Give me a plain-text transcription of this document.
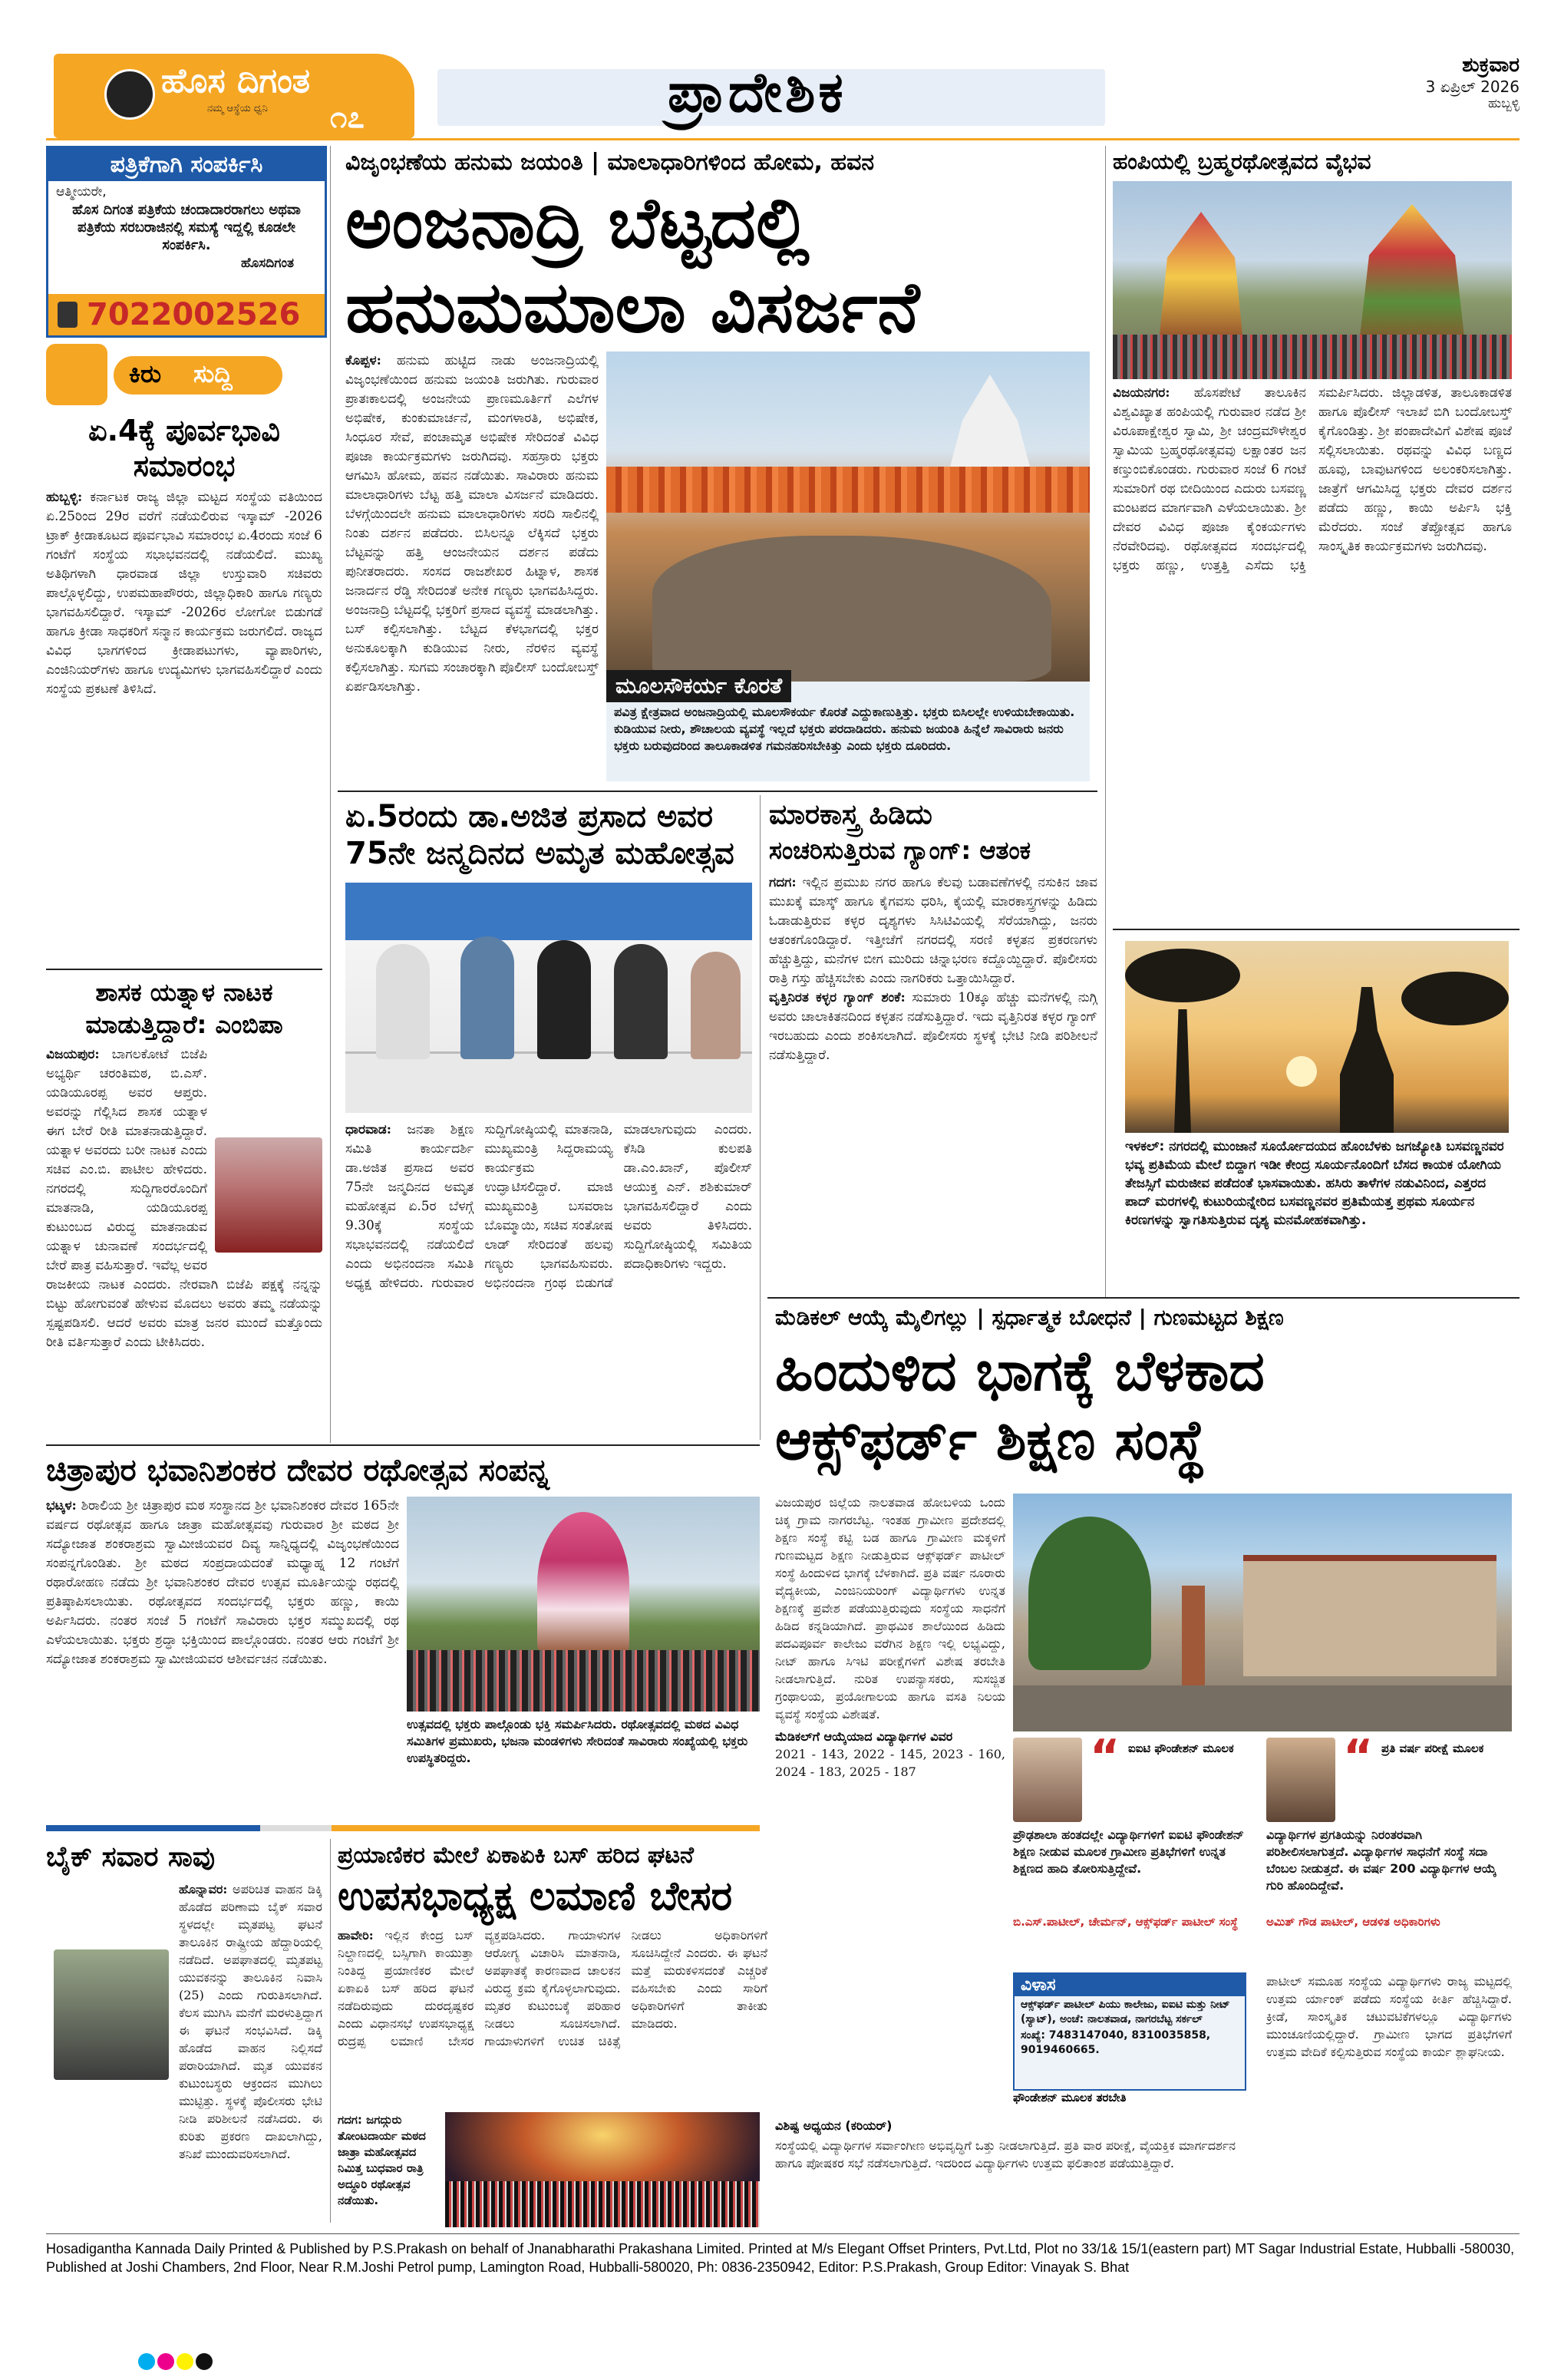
ಹೊಸ ದಿಗಂತ
ನಮ್ಮ ಆಸ್ಥೆಯ ಧ್ವನಿ ೧೭	ಪ್ರಾದೇಶಿಕ	ಶುಕ್ರವಾರ
3 ಏಪ್ರಿಲ್ 2026
ಹುಬ್ಬಳ್ಳಿ
ಪತ್ರಿಕೆಗಾಗಿ ಸಂಪರ್ಕಿಸಿ
ಆತ್ಮೀಯರೇ,
ಹೊಸ ದಿಗಂತ ಪತ್ರಿಕೆಯ ಚಂದಾದಾರರಾಗಲು ಅಥವಾ ಪತ್ರಿಕೆಯ ಸರಬರಾಜಿನಲ್ಲಿ ಸಮಸ್ಯೆ ಇದ್ದಲ್ಲಿ ಕೂಡಲೇ ಸಂಪರ್ಕಿಸಿ.
ಹೊಸದಿಗಂತ
7022002526
ಕಿರು ಸುದ್ದಿ
ಏ.4ಕ್ಕೆ ಪೂರ್ವಭಾವಿ ಸಮಾರಂಭ
ಹುಬ್ಬಳ್ಳಿ: ಕರ್ನಾಟಕ ರಾಜ್ಯ ಜಿಲ್ಲಾ ಮಟ್ಟದ ಸಂಸ್ಥೆಯ ವತಿಯಿಂದ ಏ.25ರಿಂದ 29ರ ವರೆಗೆ ನಡೆಯಲಿರುವ ಇಸ್ಕಾಮ್ -2026 ಟ್ರಾಕ್ ಕ್ರೀಡಾಕೂಟದ ಪೂರ್ವಭಾವಿ ಸಮಾರಂಭ ಏ.4ರಂದು ಸಂಜೆ 6 ಗಂಟೆಗೆ ಸಂಸ್ಥೆಯ ಸಭಾಭವನದಲ್ಲಿ ನಡೆಯಲಿದೆ. ಮುಖ್ಯ ಅತಿಥಿಗಳಾಗಿ ಧಾರವಾಡ ಜಿಲ್ಲಾ ಉಸ್ತುವಾರಿ ಸಚಿವರು ಪಾಲ್ಗೊಳ್ಳಲಿದ್ದು, ಉಪಮಹಾಪೌರರು, ಜಿಲ್ಲಾಧಿಕಾರಿ ಹಾಗೂ ಗಣ್ಯರು ಭಾಗವಹಿಸಲಿದ್ದಾರೆ. ಇಸ್ಕಾಮ್ -2026ರ ಲೋಗೋ ಬಿಡುಗಡೆ ಹಾಗೂ ಕ್ರೀಡಾ ಸಾಧಕರಿಗೆ ಸನ್ಮಾನ ಕಾರ್ಯಕ್ರಮ ಜರುಗಲಿದೆ. ರಾಜ್ಯದ ವಿವಿಧ ಭಾಗಗಳಿಂದ ಕ್ರೀಡಾಪಟುಗಳು, ವ್ಯಾಪಾರಿಗಳು, ಎಂಜಿನಿಯರ್‌ಗಳು ಹಾಗೂ ಉದ್ಯಮಿಗಳು ಭಾಗವಹಿಸಲಿದ್ದಾರೆ ಎಂದು ಸಂಸ್ಥೆಯ ಪ್ರಕಟಣೆ ತಿಳಿಸಿದೆ.
ಶಾಸಕ ಯತ್ನಾಳ ನಾಟಕ ಮಾಡುತ್ತಿದ್ದಾರೆ: ಎಂಬಿಪಾ
ವಿಜಯಪುರ: ಬಾಗಲಕೋಟೆ ಬಿಜೆಪಿ ಅಭ್ಯರ್ಥಿ ಚರಂತಿಮಠ, ಬಿ.ಎಸ್. ಯಡಿಯೂರಪ್ಪ ಅವರ ಆಪ್ತರು. ಅವರನ್ನು ಗೆಲ್ಲಿಸಿದ ಶಾಸಕ ಯತ್ನಾಳ ಈಗ ಬೇರೆ ರೀತಿ ಮಾತನಾಡುತ್ತಿದ್ದಾರೆ. ಯತ್ನಾಳ ಅವರದು ಬರೀ ನಾಟಕ ಎಂದು ಸಚಿವ ಎಂ.ಬಿ. ಪಾಟೀಲ ಹೇಳಿದರು. ನಗರದಲ್ಲಿ ಸುದ್ದಿಗಾರರೊಂದಿಗೆ ಮಾತನಾಡಿ, ಯಡಿಯೂರಪ್ಪ ಕುಟುಂಬದ ವಿರುದ್ಧ ಮಾತನಾಡುವ ಯತ್ನಾಳ ಚುನಾವಣೆ ಸಂದರ್ಭದಲ್ಲಿ ಬೇರೆ ಪಾತ್ರ ವಹಿಸುತ್ತಾರೆ. ಇವೆಲ್ಲ ಅವರ ರಾಜಕೀಯ ನಾಟಕ ಎಂದರು. ನೇರವಾಗಿ ಬಿಜೆಪಿ ಪಕ್ಷಕ್ಕೆ ನನ್ನನ್ನು ಬಿಟ್ಟು ಹೋಗುವಂತೆ ಹೇಳುವ ಮೊದಲು ಅವರು ತಮ್ಮ ನಡೆಯನ್ನು ಸ್ಪಷ್ಟಪಡಿಸಲಿ. ಆದರೆ ಅವರು ಮಾತ್ರ ಜನರ ಮುಂದೆ ಮತ್ತೊಂದು ರೀತಿ ವರ್ತಿಸುತ್ತಾರೆ ಎಂದು ಟೀಕಿಸಿದರು.
ವಿಜೃಂಭಣೆಯ ಹನುಮ ಜಯಂತಿ | ಮಾಲಾಧಾರಿಗಳಿಂದ ಹೋಮ, ಹವನ
ಅಂಜನಾದ್ರಿ ಬೆಟ್ಟದಲ್ಲಿ
ಹನುಮಮಾಲಾ ವಿಸರ್ಜನೆ
ಕೊಪ್ಪಳ: ಹನುಮ ಹುಟ್ಟಿದ ನಾಡು ಅಂಜನಾದ್ರಿಯಲ್ಲಿ ವಿಜೃಂಭಣೆಯಿಂದ ಹನುಮ ಜಯಂತಿ ಜರುಗಿತು. ಗುರುವಾರ ಪ್ರಾತಃಕಾಲದಲ್ಲಿ ಅಂಜನೇಯ ಪ್ರಾಣಮೂರ್ತಿಗೆ ಎಲೆಗಳ ಅಭಿಷೇಕ, ಕುಂಕುಮಾರ್ಚನೆ, ಮಂಗಳಾರತಿ, ಅಭಿಷೇಕ, ಸಿಂಧೂರ ಸೇವೆ, ಪಂಚಾಮೃತ ಅಭಿಷೇಕ ಸೇರಿದಂತೆ ವಿವಿಧ ಪೂಜಾ ಕಾರ್ಯಕ್ರಮಗಳು ಜರುಗಿದವು. ಸಹಸ್ರಾರು ಭಕ್ತರು ಆಗಮಿಸಿ ಹೋಮ, ಹವನ ನಡೆಯಿತು. ಸಾವಿರಾರು ಹನುಮ ಮಾಲಾಧಾರಿಗಳು ಬೆಟ್ಟ ಹತ್ತಿ ಮಾಲಾ ವಿಸರ್ಜನೆ ಮಾಡಿದರು. ಬೆಳಗ್ಗೆಯಿಂದಲೇ ಹನುಮ ಮಾಲಾಧಾರಿಗಳು ಸರದಿ ಸಾಲಿನಲ್ಲಿ ನಿಂತು ದರ್ಶನ ಪಡೆದರು. ಬಿಸಿಲನ್ನೂ ಲೆಕ್ಕಿಸದೆ ಭಕ್ತರು ಬೆಟ್ಟವನ್ನು ಹತ್ತಿ ಆಂಜನೇಯನ ದರ್ಶನ ಪಡೆದು ಪುನೀತರಾದರು. ಸಂಸದ ರಾಜಶೇಖರ ಹಿಟ್ನಾಳ, ಶಾಸಕ ಜನಾರ್ದನ ರೆಡ್ಡಿ ಸೇರಿದಂತೆ ಅನೇಕ ಗಣ್ಯರು ಭಾಗವಹಿಸಿದ್ದರು. ಅಂಜನಾದ್ರಿ ಬೆಟ್ಟದಲ್ಲಿ ಭಕ್ತರಿಗೆ ಪ್ರಸಾದ ವ್ಯವಸ್ಥೆ ಮಾಡಲಾಗಿತ್ತು. ಬಸ್ ಕಲ್ಪಿಸಲಾಗಿತ್ತು. ಬೆಟ್ಟದ ಕೆಳಭಾಗದಲ್ಲಿ ಭಕ್ತರ ಅನುಕೂಲಕ್ಕಾಗಿ ಕುಡಿಯುವ ನೀರು, ನೆರಳಿನ ವ್ಯವಸ್ಥೆ ಕಲ್ಪಿಸಲಾಗಿತ್ತು. ಸುಗಮ ಸಂಚಾರಕ್ಕಾಗಿ ಪೊಲೀಸ್ ಬಂದೋಬಸ್ತ್ ಏರ್ಪಡಿಸಲಾಗಿತ್ತು.	ಮೂಲಸೌಕರ್ಯ ಕೊರತೆ
ಪವಿತ್ರ ಕ್ಷೇತ್ರವಾದ ಅಂಜನಾದ್ರಿಯಲ್ಲಿ ಮೂಲಸೌಕರ್ಯ ಕೊರತೆ ಎದ್ದುಕಾಣುತ್ತಿತ್ತು. ಭಕ್ತರು ಬಿಸಿಲಲ್ಲೇ ಉಳಿಯಬೇಕಾಯಿತು. ಕುಡಿಯುವ ನೀರು, ಶೌಚಾಲಯ ವ್ಯವಸ್ಥೆ ಇಲ್ಲದೆ ಭಕ್ತರು ಪರದಾಡಿದರು. ಹನುಮ ಜಯಂತಿ ಹಿನ್ನೆಲೆ ಸಾವಿರಾರು ಜನರು ಭಕ್ತರು ಬರುವುದರಿಂದ ತಾಲೂಕಾಡಳಿತ ಗಮನಹರಿಸಬೇಕಿತ್ತು ಎಂದು ಭಕ್ತರು ದೂರಿದರು.
ಏ.5ರಂದು ಡಾ.ಅಜಿತ ಪ್ರಸಾದ ಅವರ
75ನೇ ಜನ್ಮದಿನದ ಅಮೃತ ಮಹೋತ್ಸವ
ಧಾರವಾಡ: ಜನತಾ ಶಿಕ್ಷಣ ಸಮಿತಿ ಕಾರ್ಯದರ್ಶಿ ಡಾ.ಅಜಿತ ಪ್ರಸಾದ ಅವರ 75ನೇ ಜನ್ಮದಿನದ ಅಮೃತ ಮಹೋತ್ಸವ ಏ.5ರ ಬೆಳಗ್ಗೆ 9.30ಕ್ಕೆ ಸಂಸ್ಥೆಯ ಸಭಾಭವನದಲ್ಲಿ ನಡೆಯಲಿದೆ ಎಂದು ಅಭಿನಂದನಾ ಸಮಿತಿ ಅಧ್ಯಕ್ಷ ಹೇಳಿದರು. ಗುರುವಾರ ಸುದ್ದಿಗೋಷ್ಠಿಯಲ್ಲಿ ಮಾತನಾಡಿ, ಮುಖ್ಯಮಂತ್ರಿ ಸಿದ್ದರಾಮಯ್ಯ ಕಾರ್ಯಕ್ರಮ ಉದ್ಘಾಟಿಸಲಿದ್ದಾರೆ. ಮಾಜಿ ಮುಖ್ಯಮಂತ್ರಿ ಬಸವರಾಜ ಬೊಮ್ಮಾಯಿ, ಸಚಿವ ಸಂತೋಷ ಲಾಡ್ ಸೇರಿದಂತೆ ಹಲವು ಗಣ್ಯರು ಭಾಗವಹಿಸುವರು. ಅಭಿನಂದನಾ ಗ್ರಂಥ ಬಿಡುಗಡೆ ಮಾಡಲಾಗುವುದು ಎಂದರು. ಕೆಸಿಡಿ ಕುಲಪತಿ ಡಾ.ಎಂ.ಖಾನ್, ಪೊಲೀಸ್ ಆಯುಕ್ತ ಎನ್. ಶಶಿಕುಮಾರ್ ಭಾಗವಹಿಸಲಿದ್ದಾರೆ ಎಂದು ಅವರು ತಿಳಿಸಿದರು. ಸುದ್ದಿಗೋಷ್ಠಿಯಲ್ಲಿ ಸಮಿತಿಯ ಪದಾಧಿಕಾರಿಗಳು ಇದ್ದರು.
ಮಾರಕಾಸ್ತ್ರ ಹಿಡಿದು
ಸಂಚರಿಸುತ್ತಿರುವ ಗ್ಯಾಂಗ್: ಆತಂಕ
ಗದಗ: ಇಲ್ಲಿನ ಪ್ರಮುಖ ನಗರ ಹಾಗೂ ಕೆಲವು ಬಡಾವಣೆಗಳಲ್ಲಿ ನಸುಕಿನ ಜಾವ ಮುಖಕ್ಕೆ ಮಾಸ್ಕ್ ಹಾಗೂ ಕೈಗವಸು ಧರಿಸಿ, ಕೈಯಲ್ಲಿ ಮಾರಕಾಸ್ತ್ರಗಳನ್ನು ಹಿಡಿದು ಓಡಾಡುತ್ತಿರುವ ಕಳ್ಳರ ದೃಶ್ಯಗಳು ಸಿಸಿಟಿವಿಯಲ್ಲಿ ಸೆರೆಯಾಗಿದ್ದು, ಜನರು ಆತಂಕಗೊಂಡಿದ್ದಾರೆ. ಇತ್ತೀಚೆಗೆ ನಗರದಲ್ಲಿ ಸರಣಿ ಕಳ್ಳತನ ಪ್ರಕರಣಗಳು ಹೆಚ್ಚುತ್ತಿದ್ದು, ಮನೆಗಳ ಬೀಗ ಮುರಿದು ಚಿನ್ನಾಭರಣ ಕದ್ದೊಯ್ದಿದ್ದಾರೆ. ಪೊಲೀಸರು ರಾತ್ರಿ ಗಸ್ತು ಹೆಚ್ಚಿಸಬೇಕು ಎಂದು ನಾಗರಿಕರು ಒತ್ತಾಯಿಸಿದ್ದಾರೆ.
ವೃತ್ತಿನಿರತ ಕಳ್ಳರ ಗ್ಯಾಂಗ್ ಶಂಕೆ: ಸುಮಾರು 10ಕ್ಕೂ ಹೆಚ್ಚು ಮನೆಗಳಲ್ಲಿ ನುಗ್ಗಿ ಅವರು ಚಾಲಾಕಿತನದಿಂದ ಕಳ್ಳತನ ನಡೆಸುತ್ತಿದ್ದಾರೆ. ಇದು ವೃತ್ತಿನಿರತ ಕಳ್ಳರ ಗ್ಯಾಂಗ್ ಇರಬಹುದು ಎಂದು ಶಂಕಿಸಲಾಗಿದೆ. ಪೊಲೀಸರು ಸ್ಥಳಕ್ಕೆ ಭೇಟಿ ನೀಡಿ ಪರಿಶೀಲನೆ ನಡೆಸುತ್ತಿದ್ದಾರೆ.
ಹಂಪಿಯಲ್ಲಿ ಬ್ರಹ್ಮರಥೋತ್ಸವದ ವೈಭವ
ವಿಜಯನಗರ: ಹೊಸಪೇಟೆ ತಾಲೂಕಿನ ವಿಶ್ವವಿಖ್ಯಾತ ಹಂಪಿಯಲ್ಲಿ ಗುರುವಾರ ನಡೆದ ಶ್ರೀ ವಿರೂಪಾಕ್ಷೇಶ್ವರ ಸ್ವಾಮಿ, ಶ್ರೀ ಚಂದ್ರಮೌಳೇಶ್ವರ ಸ್ವಾಮಿಯ ಬ್ರಹ್ಮರಥೋತ್ಸವವು ಲಕ್ಷಾಂತರ ಜನ ಕಣ್ತುಂಬಿಕೊಂಡರು. ಗುರುವಾರ ಸಂಜೆ 6 ಗಂಟೆ ಸುಮಾರಿಗೆ ರಥ ಬೀದಿಯಿಂದ ಎದುರು ಬಸವಣ್ಣ ಮಂಟಪದ ಮಾರ್ಗವಾಗಿ ಎಳೆಯಲಾಯಿತು. ಶ್ರೀ ದೇವರ ವಿವಿಧ ಪೂಜಾ ಕೈಂಕರ್ಯಗಳು ನೆರವೇರಿದವು. ರಥೋತ್ಸವದ ಸಂದರ್ಭದಲ್ಲಿ ಭಕ್ತರು ಹಣ್ಣು, ಉತ್ತತ್ತಿ ಎಸೆದು ಭಕ್ತಿ ಸಮರ್ಪಿಸಿದರು. ಜಿಲ್ಲಾಡಳಿತ, ತಾಲೂಕಾಡಳಿತ ಹಾಗೂ ಪೊಲೀಸ್ ಇಲಾಖೆ ಬಿಗಿ ಬಂದೋಬಸ್ತ್ ಕೈಗೊಂಡಿತ್ತು. ಶ್ರೀ ಪಂಪಾದೇವಿಗೆ ವಿಶೇಷ ಪೂಜೆ ಸಲ್ಲಿಸಲಾಯಿತು. ರಥವನ್ನು ವಿವಿಧ ಬಣ್ಣದ ಹೂವು, ಬಾವುಟಗಳಿಂದ ಅಲಂಕರಿಸಲಾಗಿತ್ತು. ಜಾತ್ರೆಗೆ ಆಗಮಿಸಿದ್ದ ಭಕ್ತರು ದೇವರ ದರ್ಶನ ಪಡೆದು ಹಣ್ಣು, ಕಾಯಿ ಅರ್ಪಿಸಿ ಭಕ್ತಿ ಮೆರೆದರು. ಸಂಜೆ ತೆಪ್ಪೋತ್ಸವ ಹಾಗೂ ಸಾಂಸ್ಕೃತಿಕ ಕಾರ್ಯಕ್ರಮಗಳು ಜರುಗಿದವು.
ಇಳಕಲ್: ನಗರದಲ್ಲಿ ಮುಂಜಾನೆ ಸೂರ್ಯೋದಯದ ಹೊಂಬೆಳಕು ಜಗಜ್ಯೋತಿ ಬಸವಣ್ಣನವರ ಭವ್ಯ ಪ್ರತಿಮೆಯ ಮೇಲೆ ಬಿದ್ದಾಗ ಇಡೀ ಕೇಂದ್ರ ಸೂರ್ಯನೊಂದಿಗೆ ಬೆಸದ ಕಾಯಕ ಯೋಗಿಯ ತೇಜಸ್ಸಿಗೆ ಮರುಜೀವ ಪಡೆದಂತೆ ಭಾಸವಾಯಿತು. ಹಸಿರು ತಾಳೆಗಳ ನಡುವಿನಿಂದ, ಎತ್ತರದ ಪಾದ್ ಮರಗಳಲ್ಲಿ ಕುಟುರಿಯನ್ನೇರಿದ ಬಸವಣ್ಣನವರ ಪ್ರತಿಮೆಯತ್ತ ಪ್ರಥಮ ಸೂರ್ಯನ ಕಿರಣಗಳನ್ನು ಸ್ವಾಗತಿಸುತ್ತಿರುವ ದೃಶ್ಯ ಮನಮೋಹಕವಾಗಿತ್ತು.
ಮೆಡಿಕಲ್ ಆಯ್ಕೆ ಮೈಲಿಗಲ್ಲು | ಸ್ಪರ್ಧಾತ್ಮಕ ಬೋಧನೆ | ಗುಣಮಟ್ಟದ ಶಿಕ್ಷಣ
ಹಿಂದುಳಿದ ಭಾಗಕ್ಕೆ ಬೆಳಕಾದ
ಆಕ್ಸ್‌ಫರ್ಡ್ ಶಿಕ್ಷಣ ಸಂಸ್ಥೆ
ವಿಜಯಪುರ ಜಿಲ್ಲೆಯ ನಾಲತವಾಡ ಹೋಬಳಿಯ ಒಂದು ಚಿಕ್ಕ ಗ್ರಾಮ ನಾಗರಬೆಟ್ಟ. ಇಂತಹ ಗ್ರಾಮೀಣ ಪ್ರದೇಶದಲ್ಲಿ ಶಿಕ್ಷಣ ಸಂಸ್ಥೆ ಕಟ್ಟಿ ಬಡ ಹಾಗೂ ಗ್ರಾಮೀಣ ಮಕ್ಕಳಿಗೆ ಗುಣಮಟ್ಟದ ಶಿಕ್ಷಣ ನೀಡುತ್ತಿರುವ ಆಕ್ಸ್‌ಫರ್ಡ್ ಪಾಟೀಲ್ ಸಂಸ್ಥೆ ಹಿಂದುಳಿದ ಭಾಗಕ್ಕೆ ಬೆಳಕಾಗಿದೆ. ಪ್ರತಿ ವರ್ಷ ನೂರಾರು ವೈದ್ಯಕೀಯ, ಎಂಜಿನಿಯರಿಂಗ್ ವಿದ್ಯಾರ್ಥಿಗಳು ಉನ್ನತ ಶಿಕ್ಷಣಕ್ಕೆ ಪ್ರವೇಶ ಪಡೆಯುತ್ತಿರುವುದು ಸಂಸ್ಥೆಯ ಸಾಧನೆಗೆ ಹಿಡಿದ ಕನ್ನಡಿಯಾಗಿದೆ. ಪ್ರಾಥಮಿಕ ಶಾಲೆಯಿಂದ ಹಿಡಿದು ಪದವಿಪೂರ್ವ ಕಾಲೇಜು ವರೆಗಿನ ಶಿಕ್ಷಣ ಇಲ್ಲಿ ಲಭ್ಯವಿದ್ದು, ನೀಟ್ ಹಾಗೂ ಸಿಇಟಿ ಪರೀಕ್ಷೆಗಳಿಗೆ ವಿಶೇಷ ತರಬೇತಿ ನೀಡಲಾಗುತ್ತಿದೆ. ನುರಿತ ಉಪನ್ಯಾಸಕರು, ಸುಸಜ್ಜಿತ ಗ್ರಂಥಾಲಯ, ಪ್ರಯೋಗಾಲಯ ಹಾಗೂ ವಸತಿ ನಿಲಯ ವ್ಯವಸ್ಥೆ ಸಂಸ್ಥೆಯ ವಿಶೇಷತೆ.
ಮೆಡಿಕಲ್‌ಗೆ ಆಯ್ಕೆಯಾದ ವಿದ್ಯಾರ್ಥಿಗಳ ವಿವರ
2021 - 143, 2022 - 145, 2023 - 160, 2024 - 183, 2025 - 187	“ ಐಐಟಿ ಫೌಂಡೇಶನ್ ಮೂಲಕ
ಪ್ರೌಢಶಾಲಾ ಹಂತದಲ್ಲೇ ವಿದ್ಯಾರ್ಥಿಗಳಿಗೆ ಐಐಟಿ ಫೌಂಡೇಶನ್ ಶಿಕ್ಷಣ ನೀಡುವ ಮೂಲಕ ಗ್ರಾಮೀಣ ಪ್ರತಿಭೆಗಳಿಗೆ ಉನ್ನತ ಶಿಕ್ಷಣದ ಹಾದಿ ತೋರಿಸುತ್ತಿದ್ದೇವೆ.
ಬಿ.ಎಸ್.ಪಾಟೀಲ್, ಚೇರ್ಮನ್, ಆಕ್ಸ್‌ಫರ್ಡ್ ಪಾಟೀಲ್ ಸಂಸ್ಥೆ
“ ಪ್ರತಿ ವರ್ಷ ಪರೀಕ್ಷೆ ಮೂಲಕ
ವಿದ್ಯಾರ್ಥಿಗಳ ಪ್ರಗತಿಯನ್ನು ನಿರಂತರವಾಗಿ ಪರಿಶೀಲಿಸಲಾಗುತ್ತದೆ. ವಿದ್ಯಾರ್ಥಿಗಳ ಸಾಧನೆಗೆ ಸಂಸ್ಥೆ ಸದಾ ಬೆಂಬಲ ನೀಡುತ್ತದೆ. ಈ ವರ್ಷ 200 ವಿದ್ಯಾರ್ಥಿಗಳ ಆಯ್ಕೆ ಗುರಿ ಹೊಂದಿದ್ದೇವೆ.
ಅಮಿತ್ ಗೌಡ ಪಾಟೀಲ್, ಆಡಳಿತ ಅಧಿಕಾರಿಗಳು
ವಿಳಾಸ
ಆಕ್ಸ್‌ಫರ್ಡ್ ಪಾಟೀಲ್ ಪಿಯು ಕಾಲೇಜು, ಐಐಟಿ ಮತ್ತು ನೀಟ್ (ಸ್ಯಾಟ್), ಅಂಚೆ: ನಾಲತವಾಡ, ನಾಗರಬೆಟ್ಟ ಸರ್ಕಲ್
ಸಂಖ್ಯೆ: 7483147040, 8310035858, 9019460665.
ವಿಶಿಷ್ಟ ಅಧ್ಯಯನ (ಕರಿಯರ್)
ಸಂಸ್ಥೆಯಲ್ಲಿ ವಿದ್ಯಾರ್ಥಿಗಳ ಸರ್ವಾಂಗೀಣ ಅಭಿವೃದ್ಧಿಗೆ ಒತ್ತು ನೀಡಲಾಗುತ್ತಿದೆ. ಪ್ರತಿ ವಾರ ಪರೀಕ್ಷೆ, ವೈಯಕ್ತಿಕ ಮಾರ್ಗದರ್ಶನ ಹಾಗೂ ಪೋಷಕರ ಸಭೆ ನಡೆಸಲಾಗುತ್ತಿದೆ. ಇದರಿಂದ ವಿದ್ಯಾರ್ಥಿಗಳು ಉತ್ತಮ ಫಲಿತಾಂಶ ಪಡೆಯುತ್ತಿದ್ದಾರೆ.
ಫೌಂಡೇಶನ್ ಮೂಲಕ ತರಬೇತಿ
ಪಾಟೀಲ್ ಸಮೂಹ ಸಂಸ್ಥೆಯ ವಿದ್ಯಾರ್ಥಿಗಳು ರಾಜ್ಯ ಮಟ್ಟದಲ್ಲಿ ಉತ್ತಮ ರ್ಯಾಂಕ್ ಪಡೆದು ಸಂಸ್ಥೆಯ ಕೀರ್ತಿ ಹೆಚ್ಚಿಸಿದ್ದಾರೆ. ಕ್ರೀಡೆ, ಸಾಂಸ್ಕೃತಿಕ ಚಟುವಟಿಕೆಗಳಲ್ಲೂ ವಿದ್ಯಾರ್ಥಿಗಳು ಮುಂಚೂಣಿಯಲ್ಲಿದ್ದಾರೆ. ಗ್ರಾಮೀಣ ಭಾಗದ ಪ್ರತಿಭೆಗಳಿಗೆ ಉತ್ತಮ ವೇದಿಕೆ ಕಲ್ಪಿಸುತ್ತಿರುವ ಸಂಸ್ಥೆಯ ಕಾರ್ಯ ಶ್ಲಾಘನೀಯ.
ಚಿತ್ರಾಪುರ ಭವಾನಿಶಂಕರ ದೇವರ ರಥೋತ್ಸವ ಸಂಪನ್ನ
ಭಟ್ಕಳ: ಶಿರಾಲಿಯ ಶ್ರೀ ಚಿತ್ರಾಪುರ ಮಠ ಸಂಸ್ಥಾನದ ಶ್ರೀ ಭವಾನಿಶಂಕರ ದೇವರ 165ನೇ ವರ್ಷದ ರಥೋತ್ಸವ ಹಾಗೂ ಜಾತ್ರಾ ಮಹೋತ್ಸವವು ಗುರುವಾರ ಶ್ರೀ ಮಠದ ಶ್ರೀ ಸದ್ಯೋಜಾತ ಶಂಕರಾಶ್ರಮ ಸ್ವಾಮೀಜಿಯವರ ದಿವ್ಯ ಸಾನ್ನಿಧ್ಯದಲ್ಲಿ ವಿಜೃಂಭಣೆಯಿಂದ ಸಂಪನ್ನಗೊಂಡಿತು. ಶ್ರೀ ಮಠದ ಸಂಪ್ರದಾಯದಂತೆ ಮಧ್ಯಾಹ್ನ 12 ಗಂಟೆಗೆ ರಥಾರೋಹಣ ನಡೆದು ಶ್ರೀ ಭವಾನಿಶಂಕರ ದೇವರ ಉತ್ಸವ ಮೂರ್ತಿಯನ್ನು ರಥದಲ್ಲಿ ಪ್ರತಿಷ್ಠಾಪಿಸಲಾಯಿತು. ರಥೋತ್ಸವದ ಸಂದರ್ಭದಲ್ಲಿ ಭಕ್ತರು ಹಣ್ಣು, ಕಾಯಿ ಅರ್ಪಿಸಿದರು. ನಂತರ ಸಂಜೆ 5 ಗಂಟೆಗೆ ಸಾವಿರಾರು ಭಕ್ತರ ಸಮ್ಮುಖದಲ್ಲಿ ರಥ ಎಳೆಯಲಾಯಿತು. ಭಕ್ತರು ಶ್ರದ್ಧಾ ಭಕ್ತಿಯಿಂದ ಪಾಲ್ಗೊಂಡರು. ನಂತರ ಆರು ಗಂಟೆಗೆ ಶ್ರೀ ಸದ್ಯೋಜಾತ ಶಂಕರಾಶ್ರಮ ಸ್ವಾಮೀಜಿಯವರ ಆಶೀರ್ವಚನ ನಡೆಯಿತು.
ಉತ್ಸವದಲ್ಲಿ ಭಕ್ತರು ಪಾಲ್ಗೊಂಡು ಭಕ್ತಿ ಸಮರ್ಪಿಸಿದರು. ರಥೋತ್ಸವದಲ್ಲಿ ಮಠದ ವಿವಿಧ ಸಮಿತಿಗಳ ಪ್ರಮುಖರು, ಭಜನಾ ಮಂಡಳಿಗಳು ಸೇರಿದಂತೆ ಸಾವಿರಾರು ಸಂಖ್ಯೆಯಲ್ಲಿ ಭಕ್ತರು ಉಪಸ್ಥಿತರಿದ್ದರು.
ಬೈಕ್ ಸವಾರ ಸಾವು
ಹೊನ್ನಾವರ: ಅಪರಿಚಿತ ವಾಹನ ಡಿಕ್ಕಿ ಹೊಡೆದ ಪರಿಣಾಮ ಬೈಕ್ ಸವಾರ ಸ್ಥಳದಲ್ಲೇ ಮೃತಪಟ್ಟ ಘಟನೆ ತಾಲೂಕಿನ ರಾಷ್ಟ್ರೀಯ ಹೆದ್ದಾರಿಯಲ್ಲಿ ನಡೆದಿದೆ. ಅಪಘಾತದಲ್ಲಿ ಮೃತಪಟ್ಟ ಯುವಕನನ್ನು ತಾಲೂಕಿನ ನಿವಾಸಿ (25) ಎಂದು ಗುರುತಿಸಲಾಗಿದೆ. ಕೆಲಸ ಮುಗಿಸಿ ಮನೆಗೆ ಮರಳುತ್ತಿದ್ದಾಗ ಈ ಘಟನೆ ಸಂಭವಿಸಿದೆ. ಡಿಕ್ಕಿ ಹೊಡೆದ ವಾಹನ ನಿಲ್ಲಿಸದೆ ಪರಾರಿಯಾಗಿದೆ. ಮೃತ ಯುವಕನ ಕುಟುಂಬಸ್ಥರು ಆಕ್ರಂದನ ಮುಗಿಲು ಮುಟ್ಟಿತ್ತು. ಸ್ಥಳಕ್ಕೆ ಪೊಲೀಸರು ಭೇಟಿ ನೀಡಿ ಪರಿಶೀಲನೆ ನಡೆಸಿದರು. ಈ ಕುರಿತು ಪ್ರಕರಣ ದಾಖಲಾಗಿದ್ದು, ತನಿಖೆ ಮುಂದುವರಿಸಲಾಗಿದೆ.
ಪ್ರಯಾಣಿಕರ ಮೇಲೆ ಏಕಾಏಕಿ ಬಸ್ ಹರಿದ ಘಟನೆ
ಉಪಸಭಾಧ್ಯಕ್ಷ ಲಮಾಣಿ ಬೇಸರ
ಹಾವೇರಿ: ಇಲ್ಲಿನ ಕೇಂದ್ರ ಬಸ್ ನಿಲ್ದಾಣದಲ್ಲಿ ಬಸ್ಸಿಗಾಗಿ ಕಾಯುತ್ತಾ ನಿಂತಿದ್ದ ಪ್ರಯಾಣಿಕರ ಮೇಲೆ ಏಕಾಏಕಿ ಬಸ್ ಹರಿದ ಘಟನೆ ನಡೆದಿರುವುದು ದುರದೃಷ್ಟಕರ ಎಂದು ವಿಧಾನಸಭೆ ಉಪಸಭಾಧ್ಯಕ್ಷ ರುದ್ರಪ್ಪ ಲಮಾಣಿ ಬೇಸರ ವ್ಯಕ್ತಪಡಿಸಿದರು. ಗಾಯಾಳುಗಳ ಆರೋಗ್ಯ ವಿಚಾರಿಸಿ ಮಾತನಾಡಿ, ಅಪಘಾತಕ್ಕೆ ಕಾರಣವಾದ ಚಾಲಕನ ವಿರುದ್ಧ ಕ್ರಮ ಕೈಗೊಳ್ಳಲಾಗುವುದು. ಮೃತರ ಕುಟುಂಬಕ್ಕೆ ಪರಿಹಾರ ನೀಡಲು ಸೂಚಿಸಲಾಗಿದೆ. ಗಾಯಾಳುಗಳಿಗೆ ಉಚಿತ ಚಿಕಿತ್ಸೆ ನೀಡಲು ಅಧಿಕಾರಿಗಳಿಗೆ ಸೂಚಿಸಿದ್ದೇನೆ ಎಂದರು. ಈ ಘಟನೆ ಮತ್ತೆ ಮರುಕಳಿಸದಂತೆ ಎಚ್ಚರಿಕೆ ವಹಿಸಬೇಕು ಎಂದು ಸಾರಿಗೆ ಅಧಿಕಾರಿಗಳಿಗೆ ತಾಕೀತು ಮಾಡಿದರು.
ಗದಗ: ಜಗದ್ಗುರು ತೋಂಟದಾರ್ಯ ಮಠದ ಜಾತ್ರಾ ಮಹೋತ್ಸವದ ನಿಮಿತ್ತ ಬುಧವಾರ ರಾತ್ರಿ ಅದ್ಧೂರಿ ರಥೋತ್ಸವ ನಡೆಯಿತು.
Hosadigantha Kannada Daily Printed & Published by P.S.Prakash on behalf of Jnanabharathi Prakashana Limited. Printed at M/s Elegant Offset Printers, Pvt.Ltd, Plot no 33/1& 15/1(eastern part) MT Sagar Industrial Estate, Hubballi -580030, Published at Joshi Chambers, 2nd Floor, Near R.M.Joshi Petrol pump, Lamington Road, Hubballi-580020, Ph: 0836-2350942, Editor: P.S.Prakash, Group Editor: Vinayak S. Bhat
